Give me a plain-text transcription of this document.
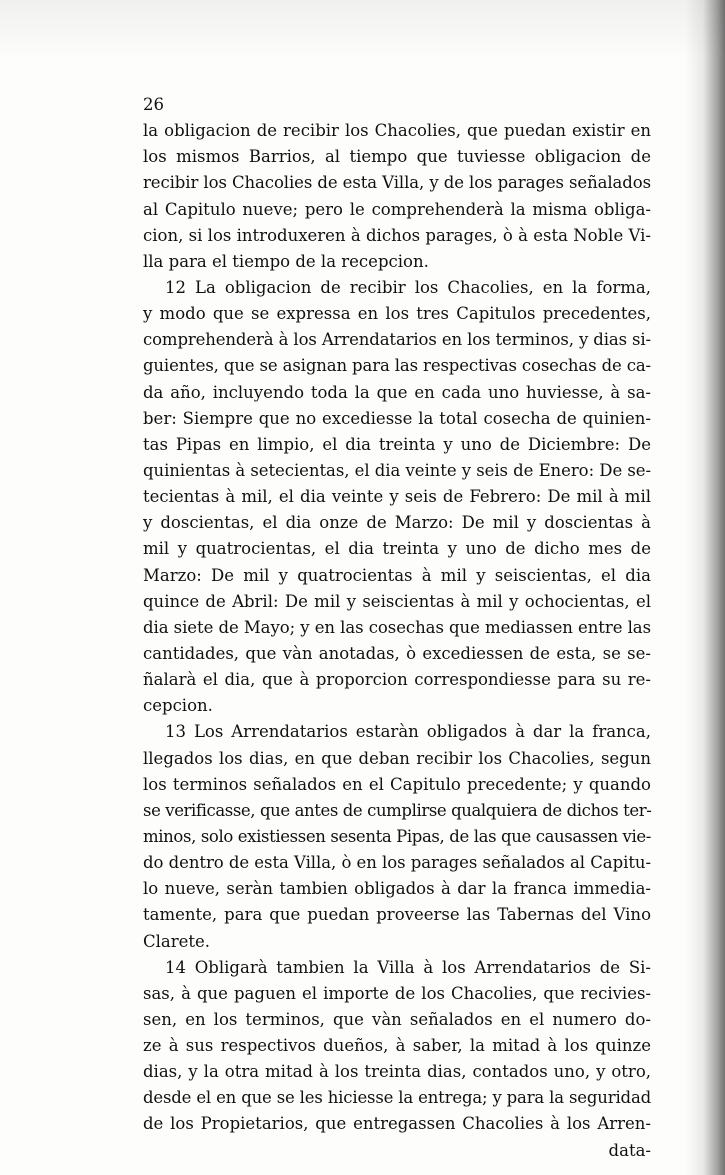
26
la obligacion de recibir los Chacolies, que puedan existir en
los mismos Barrios, al tiempo que tuviesse obligacion de
recibir los Chacolies de esta Villa, y de los parages señalados
al Capitulo nueve; pero le comprehenderà la misma obliga-
cion, si los introduxeren à dichos parages, ò à esta Noble Vi-
lla para el tiempo de la recepcion.
12 La obligacion de recibir los Chacolies, en la forma,
y modo que se expressa en los tres Capitulos precedentes,
comprehenderà à los Arrendatarios en los terminos, y dias si-
guientes, que se asignan para las respectivas cosechas de ca-
da año, incluyendo toda la que en cada uno huviesse, à sa-
ber: Siempre que no excediesse la total cosecha de quinien-
tas Pipas en limpio, el dia treinta y uno de Diciembre: De
quinientas à setecientas, el dia veinte y seis de Enero: De se-
tecientas à mil, el dia veinte y seis de Febrero: De mil à mil
y doscientas, el dia onze de Marzo: De mil y doscientas à
mil y quatrocientas, el dia treinta y uno de dicho mes de
Marzo: De mil y quatrocientas à mil y seiscientas, el dia
quince de Abril: De mil y seiscientas à mil y ochocientas, el
dia siete de Mayo; y en las cosechas que mediassen entre las
cantidades, que vàn anotadas, ò excediessen de esta, se se-
ñalarà el dia, que à proporcion correspondiesse para su re-
cepcion.
13 Los Arrendatarios estaràn obligados à dar la franca,
llegados los dias, en que deban recibir los Chacolies, segun
los terminos señalados en el Capitulo precedente; y quando
se verificasse, que antes de cumplirse qualquiera de dichos ter-
minos, solo existiessen sesenta Pipas, de las que causassen vie-
do dentro de esta Villa, ò en los parages señalados al Capitu-
lo nueve, seràn tambien obligados à dar la franca immedia-
tamente, para que puedan proveerse las Tabernas del Vino
Clarete.
14 Obligarà tambien la Villa à los Arrendatarios de Si-
sas, à que paguen el importe de los Chacolies, que recivies-
sen, en los terminos, que vàn señalados en el numero do-
ze à sus respectivos dueños, à saber, la mitad à los quinze
dias, y la otra mitad à los treinta dias, contados uno, y otro,
desde el en que se les hiciesse la entrega; y para la seguridad
de los Propietarios, que entregassen Chacolies à los Arren-
data-
